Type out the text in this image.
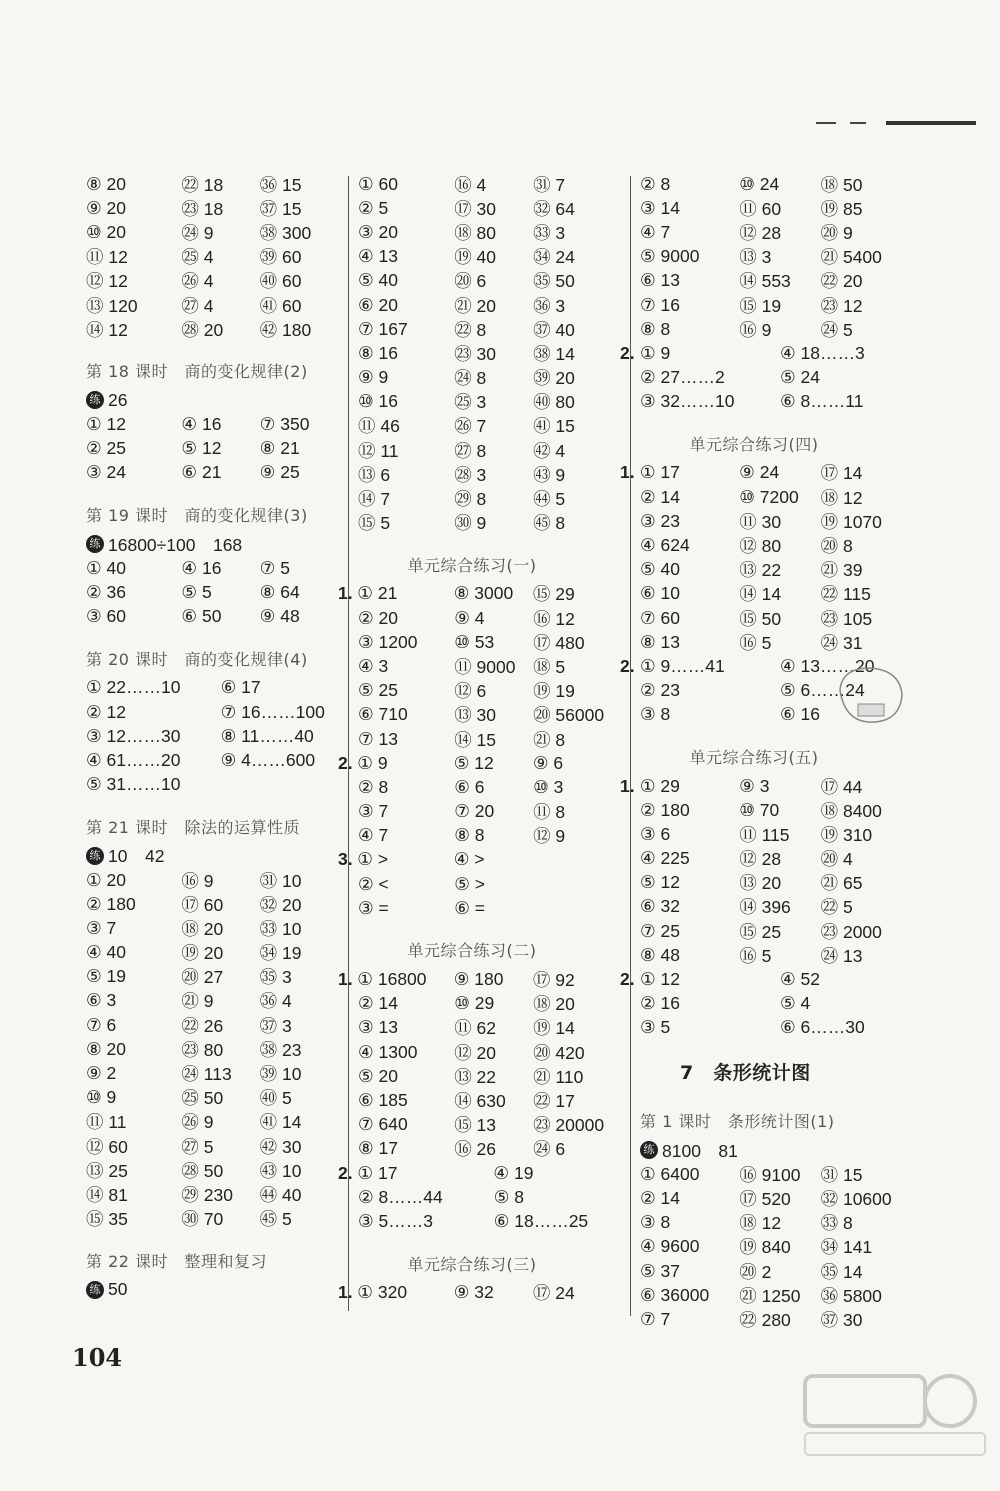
⑧ 20	㉒ 18	㊱ 15
⑨ 20	㉓ 18	㊲ 15
⑩ 20	㉔ 9	㊳ 300
⑪ 12	㉕ 4	㊴ 60
⑫ 12	㉖ 4	㊵ 60
⑬ 120	㉗ 4	㊶ 60
⑭ 12	㉘ 20	㊷ 180
第 18 课时　商的变化规律(2)
练 26
① 12	④ 16	⑦ 350
② 25	⑤ 12	⑧ 21
③ 24	⑥ 21	⑨ 25
第 19 课时　商的变化规律(3)
练 16800÷100　168
① 40	④ 16	⑦ 5
② 36	⑤ 5	⑧ 64
③ 60	⑥ 50	⑨ 48
第 20 课时　商的变化规律(4)
① 22……10	⑥ 17
② 12	⑦ 16……100
③ 12……30	⑧ 11……40
④ 61……20	⑨ 4……600
⑤ 31……10
第 21 课时　除法的运算性质
练 10　42
① 20	⑯ 9	㉛ 10
② 180	⑰ 60	㉜ 20
③ 7	⑱ 20	㉝ 10
④ 40	⑲ 20	㉞ 19
⑤ 19	⑳ 27	㉟ 3
⑥ 3	㉑ 9	㊱ 4
⑦ 6	㉒ 26	㊲ 3
⑧ 20	㉓ 80	㊳ 23
⑨ 2	㉔ 113	㊴ 10
⑩ 9	㉕ 50	㊵ 5
⑪ 11	㉖ 9	㊶ 14
⑫ 60	㉗ 5	㊷ 30
⑬ 25	㉘ 50	㊸ 10
⑭ 81	㉙ 230	㊹ 40
⑮ 35	㉚ 70	㊺ 5
第 22 课时　整理和复习
练 50
① 60	⑯ 4	㉛ 7
② 5	⑰ 30	㉜ 64
③ 20	⑱ 80	㉝ 3
④ 13	⑲ 40	㉞ 24
⑤ 40	⑳ 6	㉟ 50
⑥ 20	㉑ 20	㊱ 3
⑦ 167	㉒ 8	㊲ 40
⑧ 16	㉓ 30	㊳ 14
⑨ 9	㉔ 8	㊴ 20
⑩ 16	㉕ 3	㊵ 80
⑪ 46	㉖ 7	㊶ 15
⑫ 11	㉗ 8	㊷ 4
⑬ 6	㉘ 3	㊸ 9
⑭ 7	㉙ 8	㊹ 5
⑮ 5	㉚ 9	㊺ 8
　　　单元综合练习(一)
1. ① 21	⑧ 3000	⑮ 29
② 20	⑨ 4	⑯ 12
③ 1200	⑩ 53	⑰ 480
④ 3	⑪ 9000	⑱ 5
⑤ 25	⑫ 6	⑲ 19
⑥ 710	⑬ 30	⑳ 56000
⑦ 13	⑭ 15	㉑ 8
2. ① 9	⑤ 12	⑨ 6
② 8	⑥ 6	⑩ 3
③ 7	⑦ 20	⑪ 8
④ 7	⑧ 8	⑫ 9
3. ① >	④ >
② <	⑤ >
③ =	⑥ =
　　　单元综合练习(二)
1. ① 16800	⑨ 180	⑰ 92
② 14	⑩ 29	⑱ 20
③ 13	⑪ 62	⑲ 14
④ 1300	⑫ 20	⑳ 420
⑤ 20	⑬ 22	㉑ 110
⑥ 185	⑭ 630	㉒ 17
⑦ 640	⑮ 13	㉓ 20000
⑧ 17	⑯ 26	㉔ 6
2. ① 17	④ 19
② 8……44	⑤ 8
③ 5……3	⑥ 18……25
　　　单元综合练习(三)
1. ① 320	⑨ 32	⑰ 24
② 8	⑩ 24	⑱ 50
③ 14	⑪ 60	⑲ 85
④ 7	⑫ 28	⑳ 9
⑤ 9000	⑬ 3	㉑ 5400
⑥ 13	⑭ 553	㉒ 20
⑦ 16	⑮ 19	㉓ 12
⑧ 8	⑯ 9	㉔ 5
2. ① 9	④ 18……3
② 27……2	⑤ 24
③ 32……10	⑥ 8……11
　　　单元综合练习(四)
1. ① 17	⑨ 24	⑰ 14
② 14	⑩ 7200	⑱ 12
③ 23	⑪ 30	⑲ 1070
④ 624	⑫ 80	⑳ 8
⑤ 40	⑬ 22	㉑ 39
⑥ 10	⑭ 14	㉒ 115
⑦ 60	⑮ 50	㉓ 105
⑧ 13	⑯ 5	㉔ 31
2. ① 9……41	④ 13……20
② 23	⑤ 6……24
③ 8	⑥ 16
　　　单元综合练习(五)
1. ① 29	⑨ 3	⑰ 44
② 180	⑩ 70	⑱ 8400
③ 6	⑪ 115	⑲ 310
④ 225	⑫ 28	⑳ 4
⑤ 12	⑬ 20	㉑ 65
⑥ 32	⑭ 396	㉒ 5
⑦ 25	⑮ 25	㉓ 2000
⑧ 48	⑯ 5	㉔ 13
2. ① 12	④ 52
② 16	⑤ 4
③ 5	⑥ 6……30
7　条形统计图
第 1 课时　条形统计图(1)
练 8100　81
① 6400	⑯ 9100	㉛ 15
② 14	⑰ 520	㉜ 10600
③ 8	⑱ 12	㉝ 8
④ 9600	⑲ 840	㉞ 141
⑤ 37	⑳ 2	㉟ 14
⑥ 36000	㉑ 1250	㊱ 5800
⑦ 7	㉒ 280	㊲ 30
104
